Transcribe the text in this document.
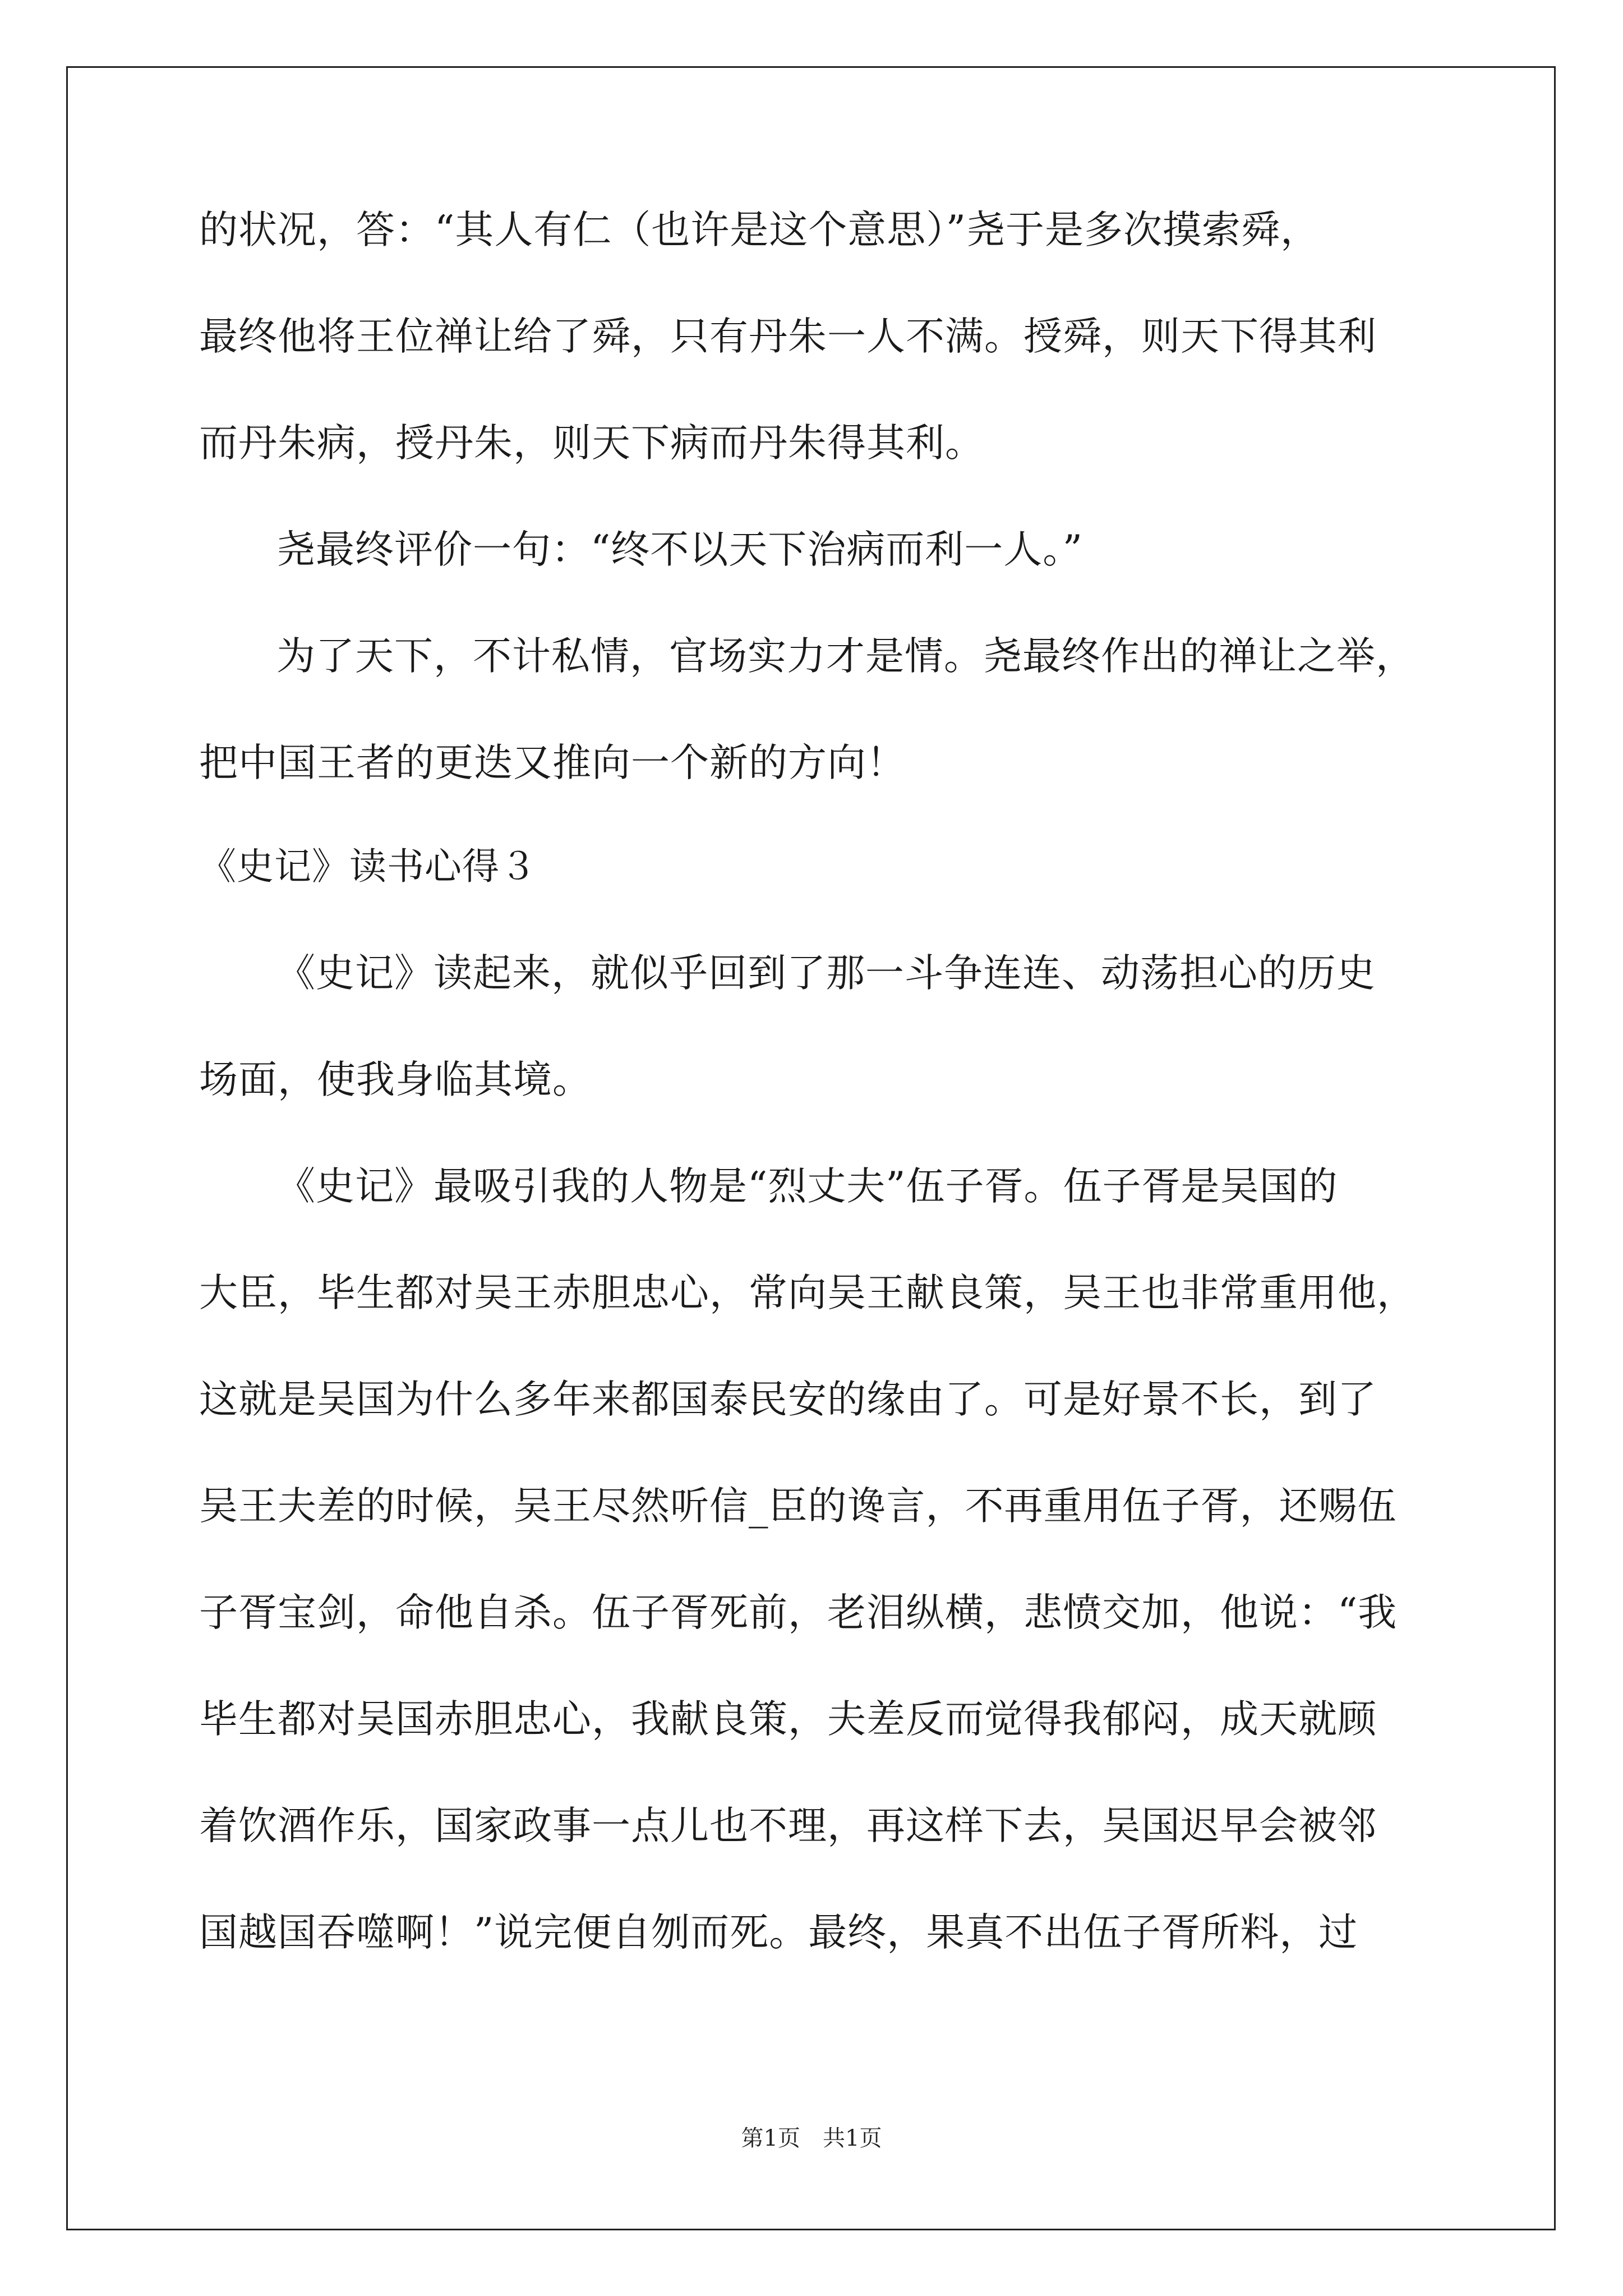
的状况，答：“其人有仁（也许是这个意思）”尧于是多次摸索舜，
最终他将王位禅让给了舜，只有丹朱一人不满。授舜，则天下得其利
而丹朱病，授丹朱，则天下病而丹朱得其利。
尧最终评价一句：“终不以天下治病而利一人。”
为了天下，不计私情，官场实力才是情。尧最终作出的禅让之举，
把中国王者的更迭又推向一个新的方向！
《史记》读书心得３
《史记》读起来，就似乎回到了那一斗争连连、动荡担心的历史
场面，使我身临其境。
《史记》最吸引我的人物是“烈丈夫”伍子胥。伍子胥是吴国的
大臣，毕生都对吴王赤胆忠心，常向吴王献良策，吴王也非常重用他，
这就是吴国为什么多年来都国泰民安的缘由了。可是好景不长，到了
吴王夫差的时候，吴王尽然听信_臣的谗言，不再重用伍子胥，还赐伍
子胥宝剑，命他自杀。伍子胥死前，老泪纵横，悲愤交加，他说：“我
毕生都对吴国赤胆忠心，我献良策，夫差反而觉得我郁闷，成天就顾
着饮酒作乐，国家政事一点儿也不理，再这样下去，吴国迟早会被邻
国越国吞噬啊！”说完便自刎而死。最终，果真不出伍子胥所料，过
第1页　共1页
